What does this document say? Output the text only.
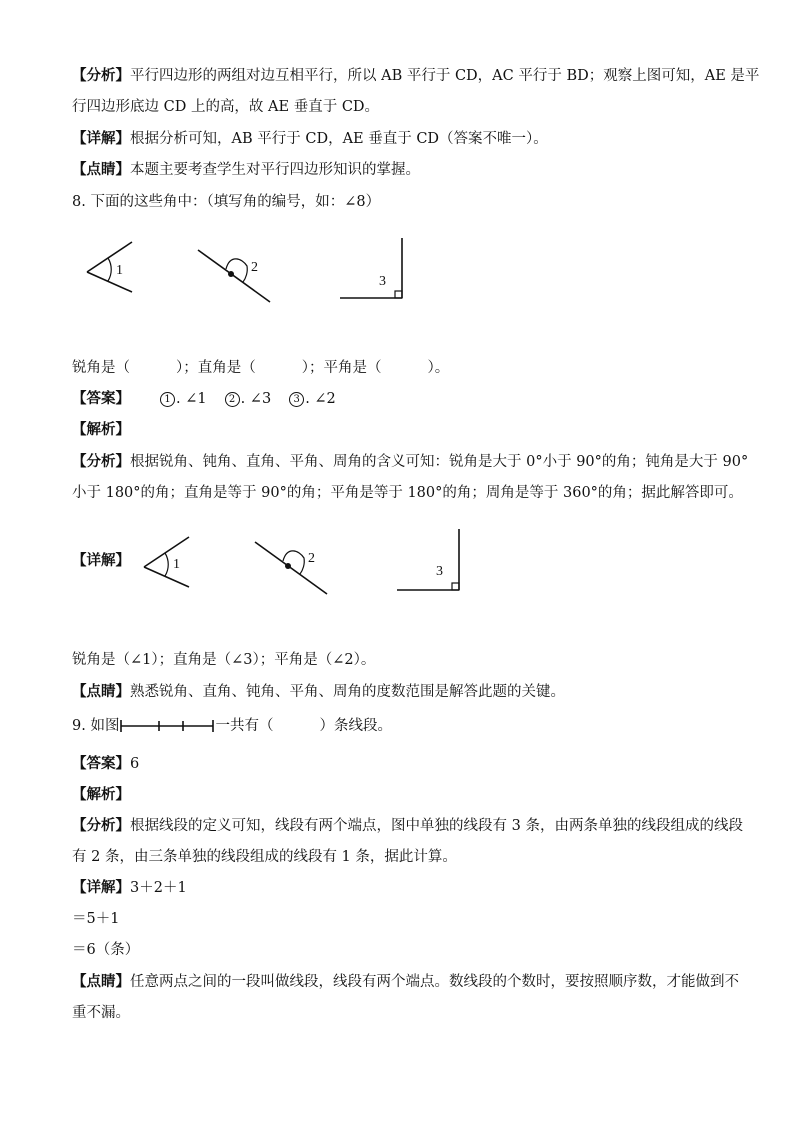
【分析】平行四边形的两组对边互相平行，所以 AB 平行于 CD，AC 平行于 BD；观察上图可知，AE 是平
行四边形底边 CD 上的高，故 AE 垂直于 CD。
【详解】根据分析可知，AB 平行于 CD，AE 垂直于 CD（答案不唯一）。
【点睛】本题主要考查学生对平行四边形知识的掌握。
8. 下面的这些角中：（填写角的编号，如：∠8）
1	2
3
锐角是（	）；直角是（	）；平角是（	）。
【答案】	1 . ∠1 2 . ∠3 3 . ∠2
【解析】
【分析】根据锐角、钝角、直角、平角、周角的含义可知：锐角是大于 0°小于 90°的角；钝角是大于 90°
小于 180°的角；直角是等于 90°的角；平角是等于 180°的角；周角是等于 360°的角；据此解答即可。
【详解】	1	2
3
锐角是（∠1）；直角是（∠3）；平角是（∠2）。
【点睛】熟悉锐角、直角、钝角、平角、周角的度数范围是解答此题的关键。
9. 如图	一共有（	）条线段。
【答案】6
【解析】
【分析】根据线段的定义可知，线段有两个端点，图中单独的线段有 3 条，由两条单独的线段组成的线段
有 2 条，由三条单独的线段组成的线段有 1 条，据此计算。
【详解】3＋2＋1
＝5＋1
＝6（条）
【点睛】任意两点之间的一段叫做线段，线段有两个端点。数线段的个数时，要按照顺序数，才能做到不
重不漏。
